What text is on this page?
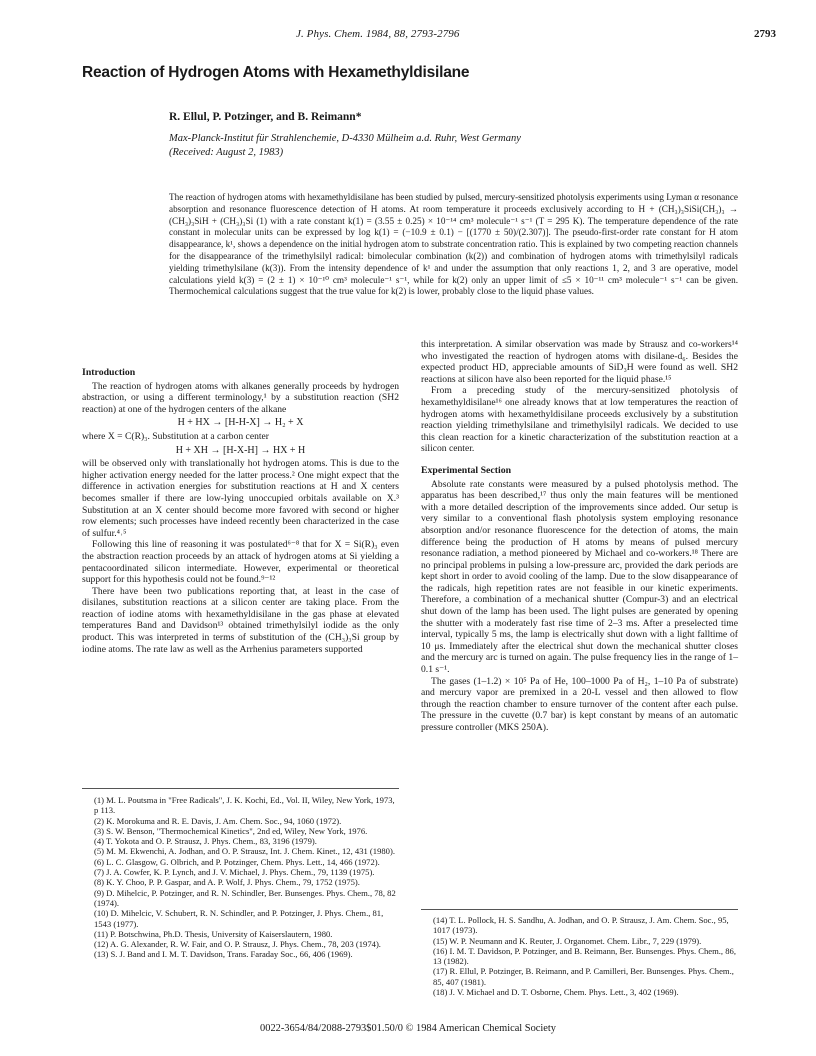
J. Phys. Chem. 1984, 88, 2793-2796	2793
Reaction of Hydrogen Atoms with Hexamethyldisilane
R. Ellul, P. Potzinger, and B. Reimann*
Max-Planck-Institut für Strahlenchemie, D-4330 Mülheim a.d. Ruhr, West Germany
(Received: August 2, 1983)
The reaction of hydrogen atoms with hexamethyldisilane has been studied by pulsed, mercury-sensitized photolysis experiments using Lyman α resonance absorption and resonance fluorescence detection of H atoms. At room temperature it proceeds exclusively according to H + (CH₃)₃SiSi(CH₃)₃ → (CH₃)₃SiH + (CH₃)₃Si (1) with a rate constant k(1) = (3.55 ± 0.25) × 10⁻¹⁴ cm³ molecule⁻¹ s⁻¹ (T = 295 K). The temperature dependence of the rate constant in molecular units can be expressed by log k(1) = (−10.9 ± 0.1) − [(1770 ± 50)/(2.307)]. The pseudo-first-order rate constant for H atom disappearance, k¹, shows a dependence on the initial hydrogen atom to substrate concentration ratio. This is explained by two competing reaction channels for the disappearance of the trimethylsilyl radical: bimolecular combination (k(2)) and combination of hydrogen atoms with trimethylsilyl radicals yielding trimethylsilane (k(3)). From the intensity dependence of k¹ and under the assumption that only reactions 1, 2, and 3 are operative, model calculations yield k(3) = (2 ± 1) × 10⁻¹⁰ cm³ molecule⁻¹ s⁻¹, while for k(2) only an upper limit of ≤5 × 10⁻¹¹ cm³ molecule⁻¹ s⁻¹ can be given. Thermochemical calculations suggest that the true value for k(2) is lower, probably close to the liquid phase values.
Introduction

The reaction of hydrogen atoms with alkanes generally proceeds by hydrogen abstraction, or using a different terminology,¹ by a substitution reaction (SH2 reaction) at one of the hydrogen centers of the alkane

H + HX → [H-H-X] → H₂ + X

where X = C(R)₃. Substitution at a carbon center

H + XH → [H-X-H] → HX + H

will be observed only with translationally hot hydrogen atoms. This is due to the higher activation energy needed for the latter process.² One might expect that the difference in activation energies for substitution reactions at H and X centers becomes smaller if there are low-lying unoccupied orbitals available on X.³ Substitution at an X center should become more favored with second or higher row elements; such processes have indeed recently been characterized in the case of sulfur.⁴˒⁵

Following this line of reasoning it was postulated⁶⁻⁸ that for X = Si(R)₃ even the abstraction reaction proceeds by an attack of hydrogen atoms at Si yielding a pentacoordinated silicon intermediate. However, experimental or theoretical support for this hypothesis could not be found.⁹⁻¹²

There have been two publications reporting that, at least in the case of disilanes, substitution reactions at a silicon center are taking place. From the reaction of iodine atoms with hexamethyldisilane in the gas phase at elevated temperatures Band and Davidson¹³ obtained trimethylsilyl iodide as the only product. This was interpreted in terms of substitution of the (CH₃)₃Si group by iodine atoms. The rate law as well as the Arrhenius parameters supported

(1) M. L. Poutsma in "Free Radicals", J. K. Kochi, Ed., Vol. II, Wiley, New York, 1973, p 113.
(2) K. Morokuma and R. E. Davis, J. Am. Chem. Soc., 94, 1060 (1972).
(3) S. W. Benson, "Thermochemical Kinetics", 2nd ed, Wiley, New York, 1976.
(4) T. Yokota and O. P. Strausz, J. Phys. Chem., 83, 3196 (1979).
(5) M. M. Ekwenchi, A. Jodhan, and O. P. Strausz, Int. J. Chem. Kinet., 12, 431 (1980).
(6) L. C. Glasgow, G. Olbrich, and P. Potzinger, Chem. Phys. Lett., 14, 466 (1972).
(7) J. A. Cowfer, K. P. Lynch, and J. V. Michael, J. Phys. Chem., 79, 1139 (1975).
(8) K. Y. Choo, P. P. Gaspar, and A. P. Wolf, J. Phys. Chem., 79, 1752 (1975).
(9) D. Mihelcic, P. Potzinger, and R. N. Schindler, Ber. Bunsenges. Phys. Chem., 78, 82 (1974).
(10) D. Mihelcic, V. Schubert, R. N. Schindler, and P. Potzinger, J. Phys. Chem., 81, 1543 (1977).
(11) P. Botschwina, Ph.D. Thesis, University of Kaiserslautern, 1980.
(12) A. G. Alexander, R. W. Fair, and O. P. Strausz, J. Phys. Chem., 78, 203 (1974).
(13) S. J. Band and I. M. T. Davidson, Trans. Faraday Soc., 66, 406 (1969).

this interpretation. A similar observation was made by Strausz and co-workers¹⁴ who investigated the reaction of hydrogen atoms with disilane-d₆. Besides the expected product HD, appreciable amounts of SiD₃H were found as well. SH2 reactions at silicon have also been reported for the liquid phase.¹⁵

From a preceding study of the mercury-sensitized photolysis of hexamethyldisilane¹⁶ one already knows that at low temperatures the reaction of hydrogen atoms with hexamethyldisilane proceeds exclusively by a substitution reaction yielding trimethylsilane and trimethylsilyl radicals. We decided to use this clean reaction for a kinetic characterization of the substitution reaction at a silicon center.

Experimental Section

Absolute rate constants were measured by a pulsed photolysis method. The apparatus has been described,¹⁷ thus only the main features will be mentioned with a more detailed description of the improvements since added. Our setup is very similar to a conventional flash photolysis system employing resonance absorption and/or resonance fluorescence for the detection of atoms, the main difference being the production of H atoms by means of pulsed mercury resonance radiation, a method pioneered by Michael and co-workers.¹⁸ There are no principal problems in pulsing a low-pressure arc, provided the dark periods are kept short in order to avoid cooling of the lamp. Due to the slow disappearance of the radicals, high repetition rates are not feasible in our kinetic experiments. Therefore, a combination of a mechanical shutter (Compur-3) and an electrical shut down of the lamp has been used. The light pulses are generated by opening the shutter with a moderately fast rise time of 2–3 ms. After a preselected time interval, typically 5 ms, the lamp is electrically shut down with a light falltime of 10 μs. Immediately after the electrical shut down the mechanical shutter closes and the mercury arc is turned on again. The pulse frequency lies in the range of 1–0.1 s⁻¹.

The gases (1–1.2) × 10⁵ Pa of He, 100–1000 Pa of H₂, 1–10 Pa of substrate) and mercury vapor are premixed in a 20-L vessel and then allowed to flow through the reaction chamber to ensure turnover of the content after each pulse. The pressure in the cuvette (0.7 bar) is kept constant by means of an automatic pressure controller (MKS 250A).

(14) T. L. Pollock, H. S. Sandhu, A. Jodhan, and O. P. Strausz, J. Am. Chem. Soc., 95, 1017 (1973).
(15) W. P. Neumann and K. Reuter, J. Organomet. Chem. Libr., 7, 229 (1979).
(16) I. M. T. Davidson, P. Potzinger, and B. Reimann, Ber. Bunsenges. Phys. Chem., 86, 13 (1982).
(17) R. Ellul, P. Potzinger, B. Reimann, and P. Camilleri, Ber. Bunsenges. Phys. Chem., 85, 407 (1981).
(18) J. V. Michael and D. T. Osborne, Chem. Phys. Lett., 3, 402 (1969).
0022-3654/84/2088-2793$01.50/0 © 1984 American Chemical Society
